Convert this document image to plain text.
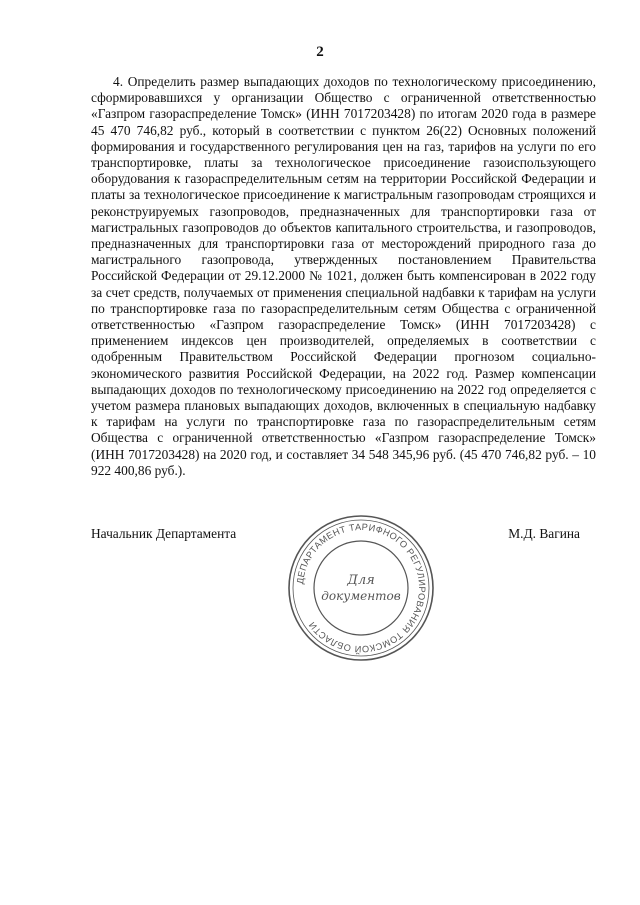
2

4. Определить размер выпадающих доходов по технологическому присоединению, сформировавшихся у организации Общество с ограниченной ответственностью «Газпром газораспределение Томск» (ИНН 7017203428) по итогам 2020 года в размере 45 470 746,82 руб., который в соответствии с пунктом 26(22) Основных положений формирования и государственного регулирования цен на газ, тарифов на услуги по его транспортировке, платы за технологическое присоединение газоиспользующего оборудования к газораспределительным сетям на территории Российской Федерации и платы за технологическое присоединение к магистральным газопроводам строящихся и реконструируемых газопроводов, предназначенных для транспортировки газа от магистральных газопроводов до объектов капитального строительства, и газопроводов, предназначенных для транспортировки газа от месторождений природного газа до магистрального газопровода, утвержденных постановлением Правительства Российской Федерации от 29.12.2000 № 1021, должен быть компенсирован в 2022 году за счет средств, получаемых от применения специальной надбавки к тарифам на услуги по транспортировке газа по газораспределительным сетям Общества с ограниченной ответственностью «Газпром газораспределение Томск» (ИНН 7017203428) с применением индексов цен производителей, определяемых в соответствии с одобренным Правительством Российской Федерации прогнозом социально-экономического развития Российской Федерации, на 2022 год. Размер компенсации выпадающих доходов по технологическому присоединению на 2022 год определяется с учетом размера плановых выпадающих доходов, включенных в специальную надбавку к тарифам на услуги по транспортировке газа по газораспределительным сетям Общества с ограниченной ответственностью «Газпром газораспределение Томск» (ИНН 7017203428) на 2020 год, и составляет 34 548 345,96 руб. (45 470 746,82 руб. – 10 922 400,86 руб.).

Начальник Департамента
ДЕПАРТАМЕНТ ТАРИФНОГО РЕГУЛИРОВАНИЯ ТОМСКОЙ ОБЛАСТИ
Для
документов
М.Д. Вагина
